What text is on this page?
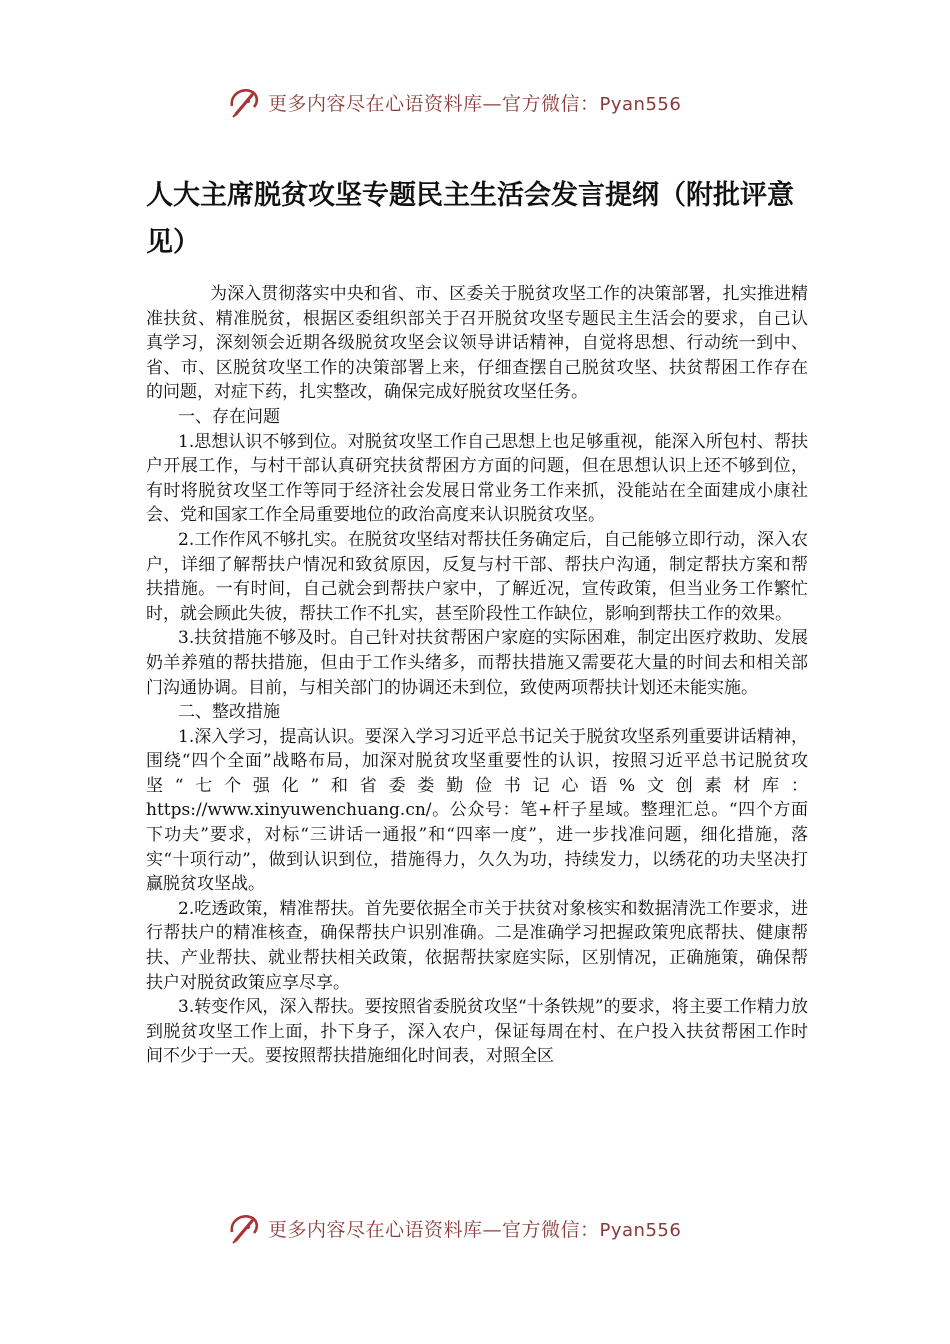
更多内容尽在心语资料库—官方微信：Pyan556
人大主席脱贫攻坚专题民主生活会发言提纲（附批评意见）

为深入贯彻落实中央和省、市、区委关于脱贫攻坚工作的决策部署，扎实推进精准扶贫、精准脱贫，根据区委组织部关于召开脱贫攻坚专题民主生活会的要求，自己认真学习，深刻领会近期各级脱贫攻坚会议领导讲话精神，自觉将思想、行动统一到中、省、市、区脱贫攻坚工作的决策部署上来，仔细查摆自己脱贫攻坚、扶贫帮困工作存在的问题，对症下药，扎实整改，确保完成好脱贫攻坚任务。

一、存在问题

1.思想认识不够到位。对脱贫攻坚工作自己思想上也足够重视，能深入所包村、帮扶户开展工作，与村干部认真研究扶贫帮困方方面的问题，但在思想认识上还不够到位，有时将脱贫攻坚工作等同于经济社会发展日常业务工作来抓，没能站在全面建成小康社会、党和国家工作全局重要地位的政治高度来认识脱贫攻坚。

2.工作作风不够扎实。在脱贫攻坚结对帮扶任务确定后，自己能够立即行动，深入农户，详细了解帮扶户情况和致贫原因，反复与村干部、帮扶户沟通，制定帮扶方案和帮扶措施。一有时间，自己就会到帮扶户家中，了解近况，宣传政策，但当业务工作繁忙时，就会顾此失彼，帮扶工作不扎实，甚至阶段性工作缺位，影响到帮扶工作的效果。

3.扶贫措施不够及时。自己针对扶贫帮困户家庭的实际困难，制定出医疗救助、发展奶羊养殖的帮扶措施，但由于工作头绪多，而帮扶措施又需要花大量的时间去和相关部门沟通协调。目前，与相关部门的协调还未到位，致使两项帮扶计划还未能实施。

二、整改措施

1.深入学习，提高认识。要深入学习习近平总书记关于脱贫攻坚系列重要讲话精神，围绕“四个全面”战略布局，加深对脱贫攻坚重要性的认识，按照习近平总书记脱贫攻坚“七个强化”和省委娄勤俭书记心语%文创素材库：https://www.xinyuwenchuang.cn/。公众号：笔+杆子星域。整理汇总。“四个方面下功夫”要求，对标“三讲话一通报”和“四率一度”，进一步找准问题，细化措施，落实“十项行动”，做到认识到位，措施得力，久久为功，持续发力，以绣花的功夫坚决打赢脱贫攻坚战。

2.吃透政策，精准帮扶。首先要依据全市关于扶贫对象核实和数据清洗工作要求，进行帮扶户的精准核查，确保帮扶户识别准确。二是准确学习把握政策兜底帮扶、健康帮扶、产业帮扶、就业帮扶相关政策，依据帮扶家庭实际，区别情况，正确施策，确保帮扶户对脱贫政策应享尽享。

3.转变作风，深入帮扶。要按照省委脱贫攻坚“十条铁规”的要求，将主要工作精力放到脱贫攻坚工作上面，扑下身子，深入农户，保证每周在村、在户投入扶贫帮困工作时间不少于一天。要按照帮扶措施细化时间表，对照全区

更多内容尽在心语资料库—官方微信：Pyan556
